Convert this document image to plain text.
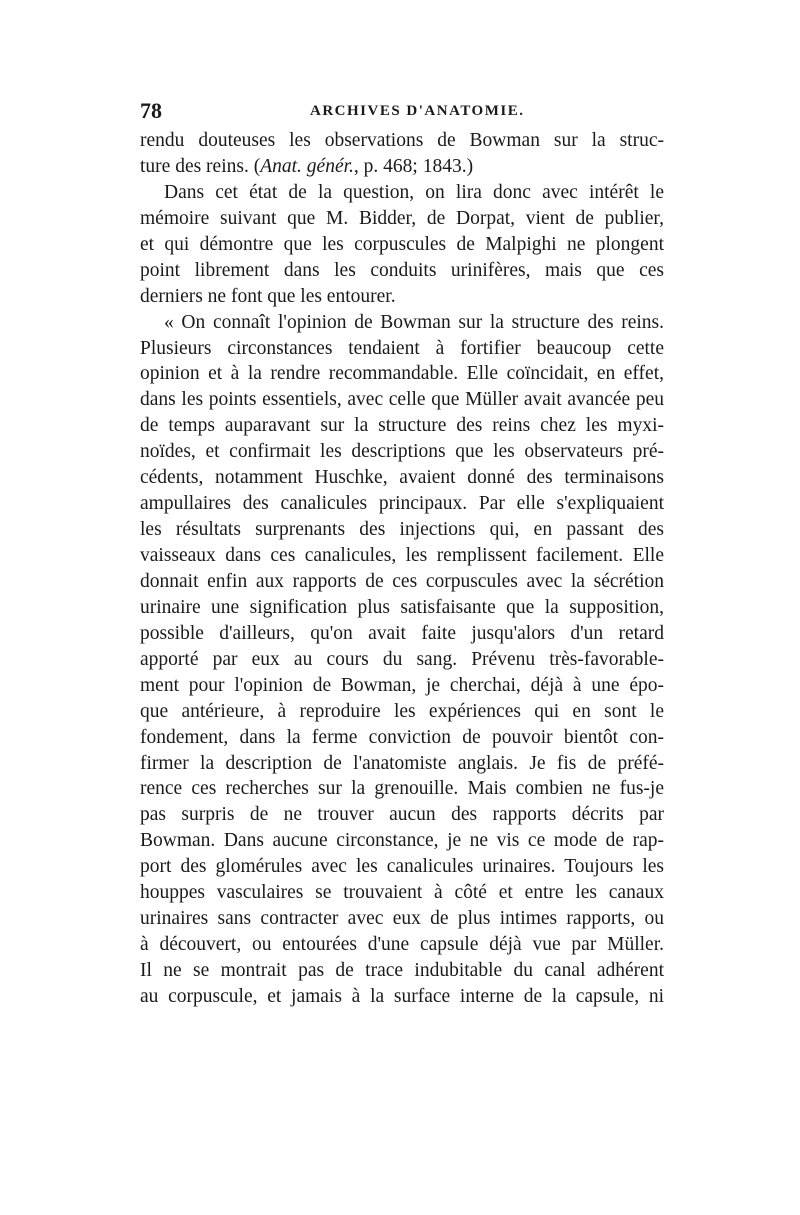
78	ARCHIVES D'ANATOMIE.
rendu douteuses les observations de Bowman sur la struc-
ture des reins. (Anat. génér., p. 468; 1843.)
Dans cet état de la question, on lira donc avec intérêt le
mémoire suivant que M. Bidder, de Dorpat, vient de publier,
et qui démontre que les corpuscules de Malpighi ne plongent
point librement dans les conduits urinifères, mais que ces
derniers ne font que les entourer.
« On connaît l'opinion de Bowman sur la structure des reins.
Plusieurs circonstances tendaient à fortifier beaucoup cette
opinion et à la rendre recommandable. Elle coïncidait, en effet,
dans les points essentiels, avec celle que Müller avait avancée peu
de temps auparavant sur la structure des reins chez les myxi-
noïdes, et confirmait les descriptions que les observateurs pré-
cédents, notamment Huschke, avaient donné des terminaisons
ampullaires des canalicules principaux. Par elle s'expliquaient
les résultats surprenants des injections qui, en passant des
vaisseaux dans ces canalicules, les remplissent facilement. Elle
donnait enfin aux rapports de ces corpuscules avec la sécrétion
urinaire une signification plus satisfaisante que la supposition,
possible d'ailleurs, qu'on avait faite jusqu'alors d'un retard
apporté par eux au cours du sang. Prévenu très-favorable-
ment pour l'opinion de Bowman, je cherchai, déjà à une épo-
que antérieure, à reproduire les expériences qui en sont le
fondement, dans la ferme conviction de pouvoir bientôt con-
firmer la description de l'anatomiste anglais. Je fis de préfé-
rence ces recherches sur la grenouille. Mais combien ne fus-je
pas surpris de ne trouver aucun des rapports décrits par
Bowman. Dans aucune circonstance, je ne vis ce mode de rap-
port des glomérules avec les canalicules urinaires. Toujours les
houppes vasculaires se trouvaient à côté et entre les canaux
urinaires sans contracter avec eux de plus intimes rapports, ou
à découvert, ou entourées d'une capsule déjà vue par Müller.
Il ne se montrait pas de trace indubitable du canal adhérent
au corpuscule, et jamais à la surface interne de la capsule, ni
